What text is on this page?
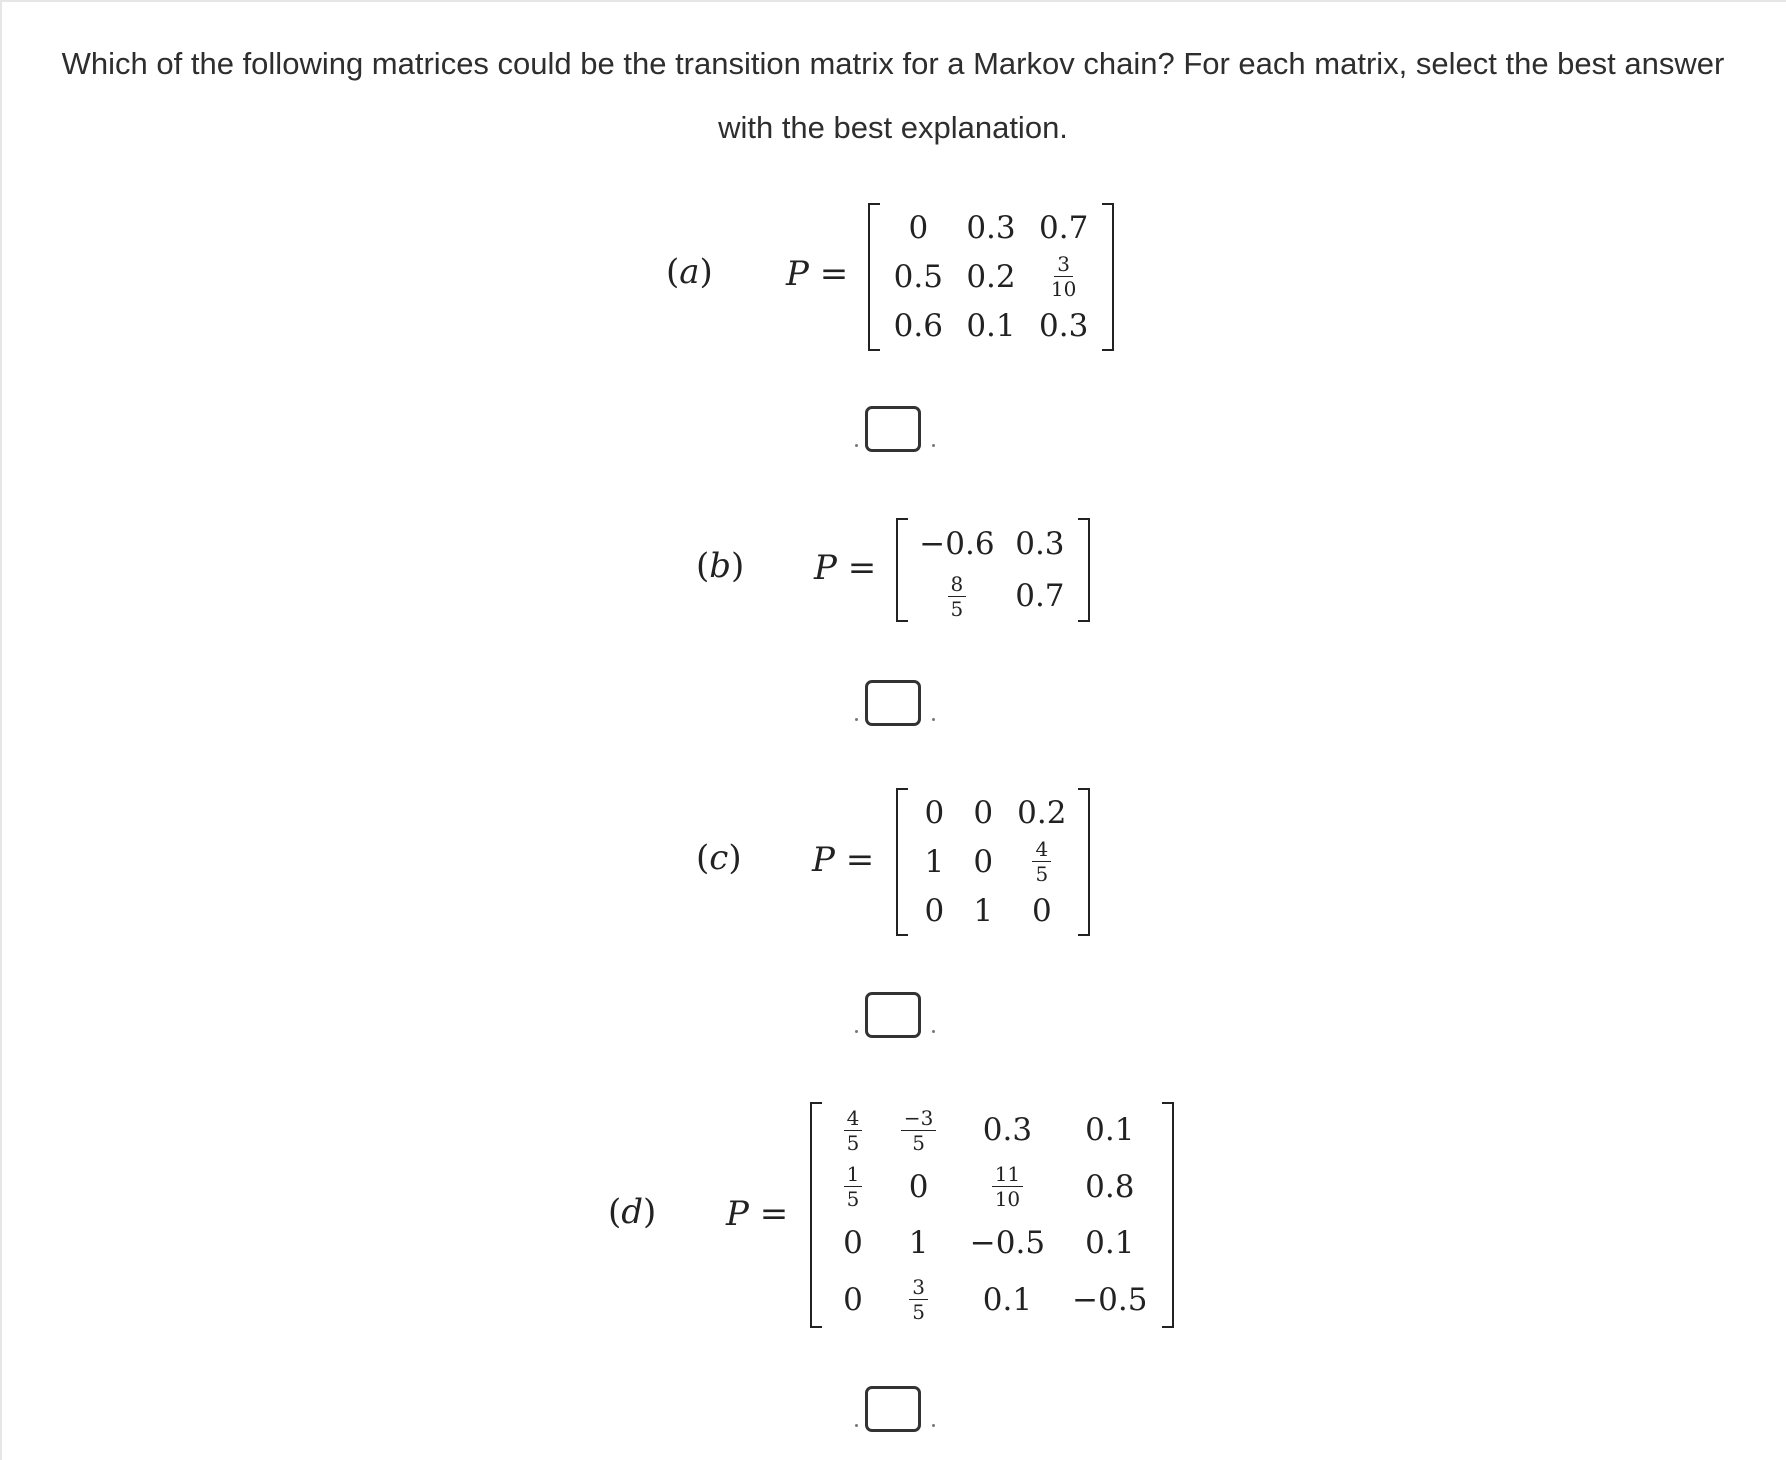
Which of the following matrices could be the transition matrix for a Markov chain? For each matrix, select the best answer
with the best explanation.
(a) P =
0	0.3 0.7
0.5 0.2	$\frac{3}{10}$
0.6 0.1 0.3
(b) P =
−0.6 0.3
$\frac{8}{5}$	0.7
(c) P =
0 0 0.2
1 0	$\frac{4}{5}$
0 1	0
(d) P =
$\frac{4}{5} \frac{-3}{5}$	0.3	0.1
$\frac{1}{5}$	0	$\frac{11}{10}$	0.8
0	1	−0.5	0.1
0	$\frac{3}{5}$	0.1	−0.5
